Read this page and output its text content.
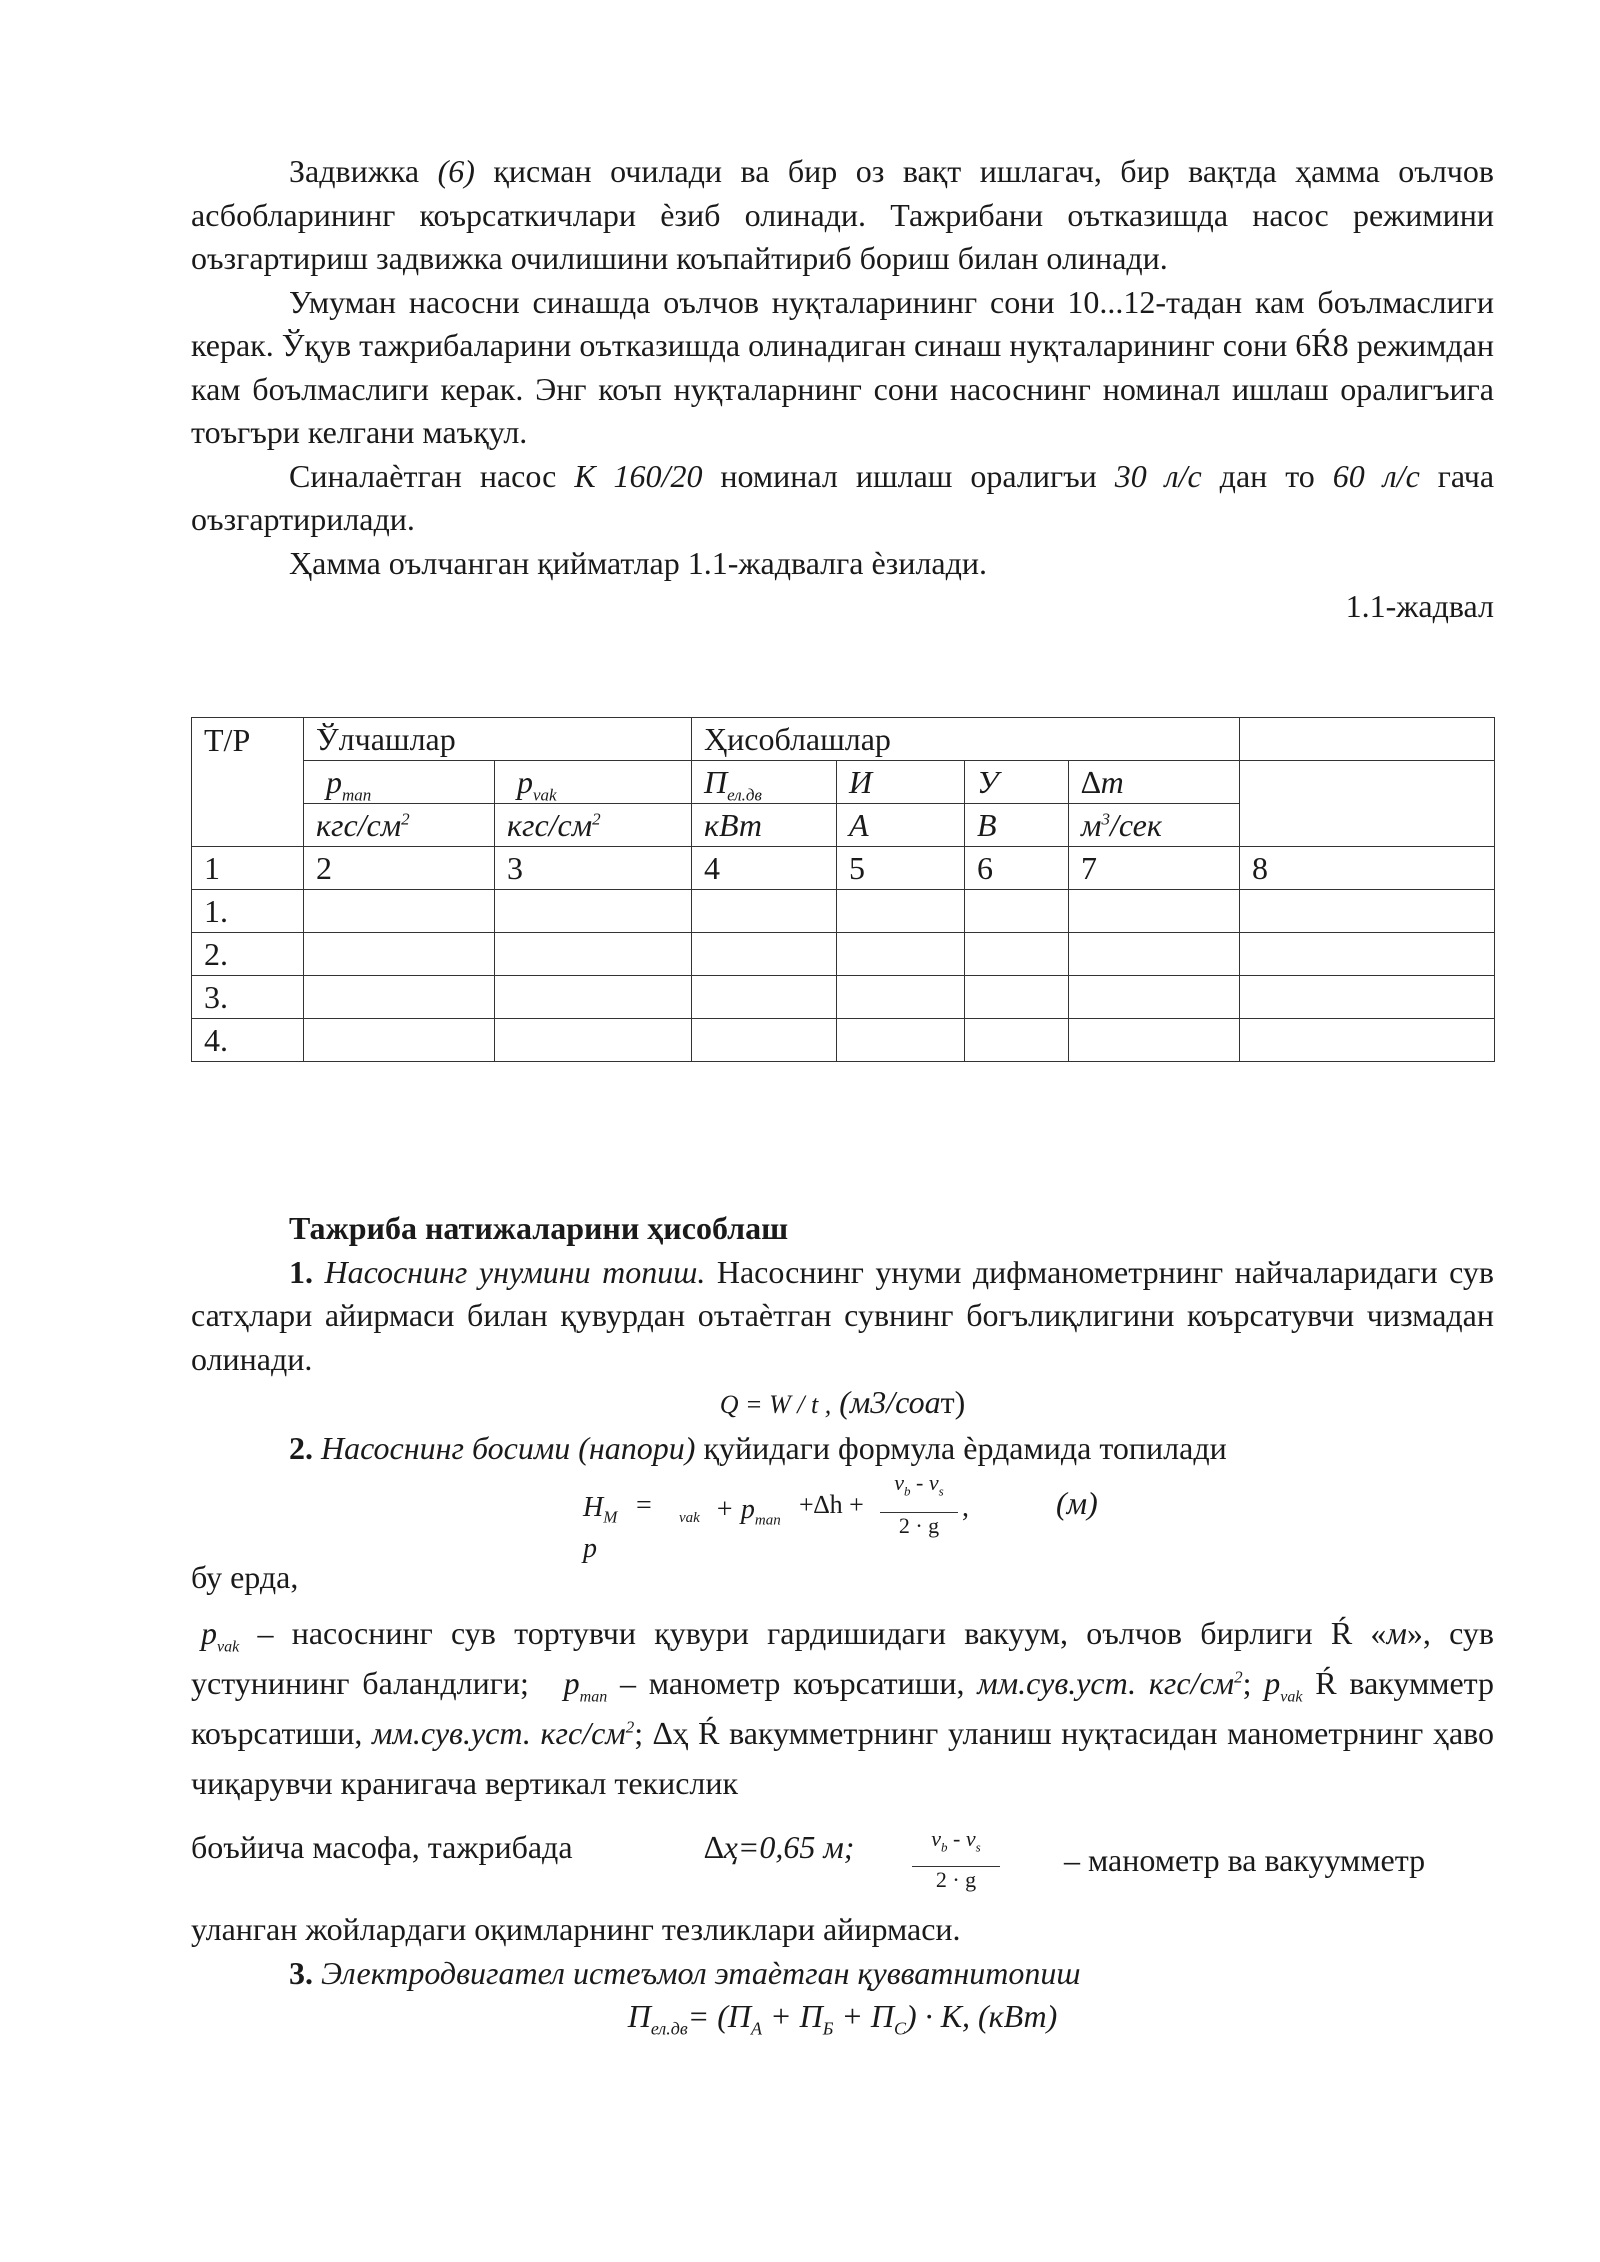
Задвижка (6) қисман очилади ва бир оз вақт ишлагач, бир вақтда ҳамма оълчов асбобларининг коърсаткичлари ѐзиб олинади. Тажрибани оътказишда насос режимини оъзгартириш задвижка очилишини коъпайтириб бориш билан олинади.

Умуман насосни синашда оълчов нуқталарининг сони 10...12-тадан кам боълмаслиги керак. Ўқув тажрибаларини оътказишда олинадиган синаш нуқталарининг сони 6Ŕ8 режимдан кам боълмаслиги керак. Энг коъп нуқталарнинг сони насоснинг номинал ишлаш оралигъига тоъгъри келгани маъқул.

Синалаѐтган насос К 160/20 номинал ишлаш оралигъи 30 л/с дан то 60 л/с гача оъзгартирилади.

Ҳамма оълчанган қийматлар 1.1-жадвалга ѐзилади.

1.1-жадвал

Т/Р	Ўлчашлар		Ҳисоблашлар		
	$p_{man}$	$p_{vak}$	$П_{ел.дв}$	И	У	∆m		
	кгс/$см^2$	кгс/$см^2$	кВт	А	В	$м^3$/сек		
1	2	3	4	5	6	7	8	
1.								
2.								
3.								
4.								

Тажриба натижаларини ҳисоблаш

1. Насоснинг унумини топиш. Насоснинг унуми дифманометрнинг найчаларидаги сув сатҳлари айирмаси билан қувурдан оътаѐтган сувнинг богълиқлигини коърсатувчи чизмадан олинади.

Q = W / t , (м3/соат)

2. Насоснинг босими (напори) қуйидаги формула ѐрдамида топилади

$H_М$ =
p
vak + $p_{man}$
+∆h +
$v_b - v_s$
2 · g
,	(м)

бу ерда,

$p_{vak}$ – насоснинг сув тортувчи қувури гардишидаги вакуум, оълчов бирлиги Ŕ «м», сув устунининг баландлиги; $p_{man}$ – манометр коърсатиши, мм.сув.уст. кгс/$см^2$; $p_{vak}$ Ŕ вакумметр коърсатиши, мм.сув.уст. кгс/$см^2$; ∆ҳ Ŕ вакумметрнинг уланиш нуқтасидан манометрнинг ҳаво чиқарувчи кранигача вертикал текислик

боъйича масофа, тажрибада	∆ҳ=0,65 м;	$v_b - v_s$
2 · g
– манометр ва вакуумметр

уланган жойлардаги оқимларнинг тезликлари айирмаси.

3. Электродвигател истеъмол этаѐтган қувватнитопиш

$П_{ел.дв}= (П_А + П_Б + П_С) \cdot К$, (кВт)
